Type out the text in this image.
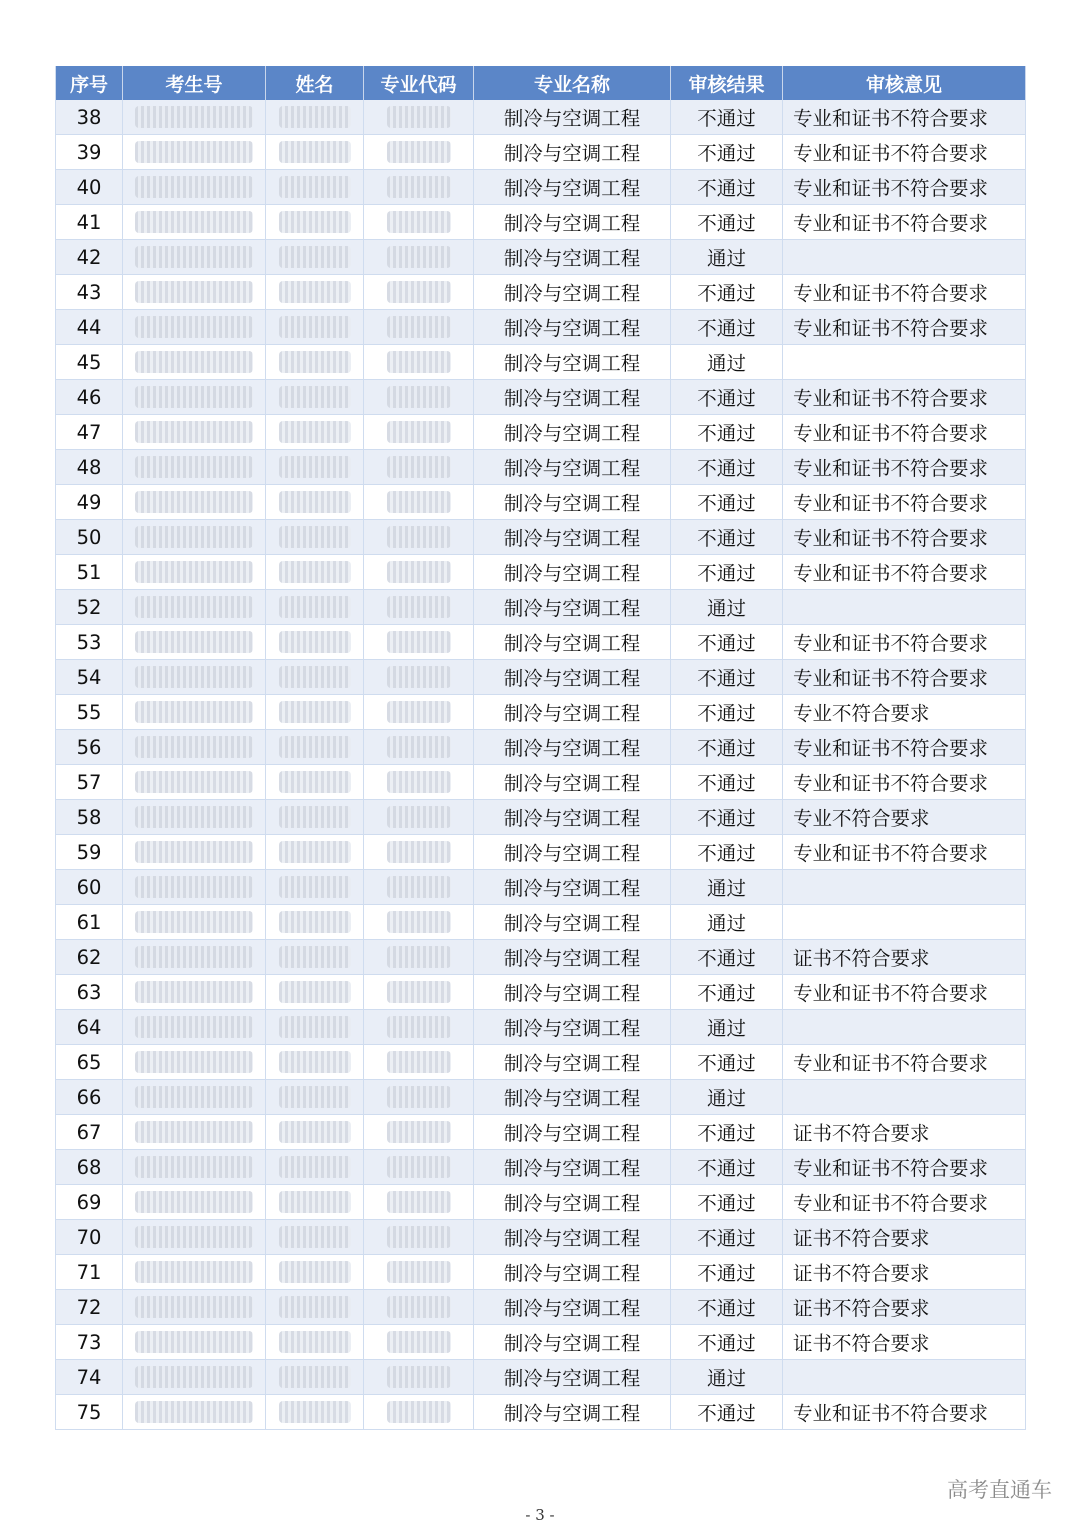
序号	考生号	姓名	专业代码	专业名称	审核结果	审核意见
38				制冷与空调工程	不通过	专业和证书不符合要求
39				制冷与空调工程	不通过	专业和证书不符合要求
40				制冷与空调工程	不通过	专业和证书不符合要求
41				制冷与空调工程	不通过	专业和证书不符合要求
42				制冷与空调工程	通过	
43				制冷与空调工程	不通过	专业和证书不符合要求
44				制冷与空调工程	不通过	专业和证书不符合要求
45				制冷与空调工程	通过	
46				制冷与空调工程	不通过	专业和证书不符合要求
47				制冷与空调工程	不通过	专业和证书不符合要求
48				制冷与空调工程	不通过	专业和证书不符合要求
49				制冷与空调工程	不通过	专业和证书不符合要求
50				制冷与空调工程	不通过	专业和证书不符合要求
51				制冷与空调工程	不通过	专业和证书不符合要求
52				制冷与空调工程	通过	
53				制冷与空调工程	不通过	专业和证书不符合要求
54				制冷与空调工程	不通过	专业和证书不符合要求
55				制冷与空调工程	不通过	专业不符合要求
56				制冷与空调工程	不通过	专业和证书不符合要求
57				制冷与空调工程	不通过	专业和证书不符合要求
58				制冷与空调工程	不通过	专业不符合要求
59				制冷与空调工程	不通过	专业和证书不符合要求
60				制冷与空调工程	通过	
61				制冷与空调工程	通过	
62				制冷与空调工程	不通过	证书不符合要求
63				制冷与空调工程	不通过	专业和证书不符合要求
64				制冷与空调工程	通过	
65				制冷与空调工程	不通过	专业和证书不符合要求
66				制冷与空调工程	通过	
67				制冷与空调工程	不通过	证书不符合要求
68				制冷与空调工程	不通过	专业和证书不符合要求
69				制冷与空调工程	不通过	专业和证书不符合要求
70				制冷与空调工程	不通过	证书不符合要求
71				制冷与空调工程	不通过	证书不符合要求
72				制冷与空调工程	不通过	证书不符合要求
73				制冷与空调工程	不通过	证书不符合要求
74				制冷与空调工程	通过	
75				制冷与空调工程	不通过	专业和证书不符合要求
高考直通车
- 3 -
